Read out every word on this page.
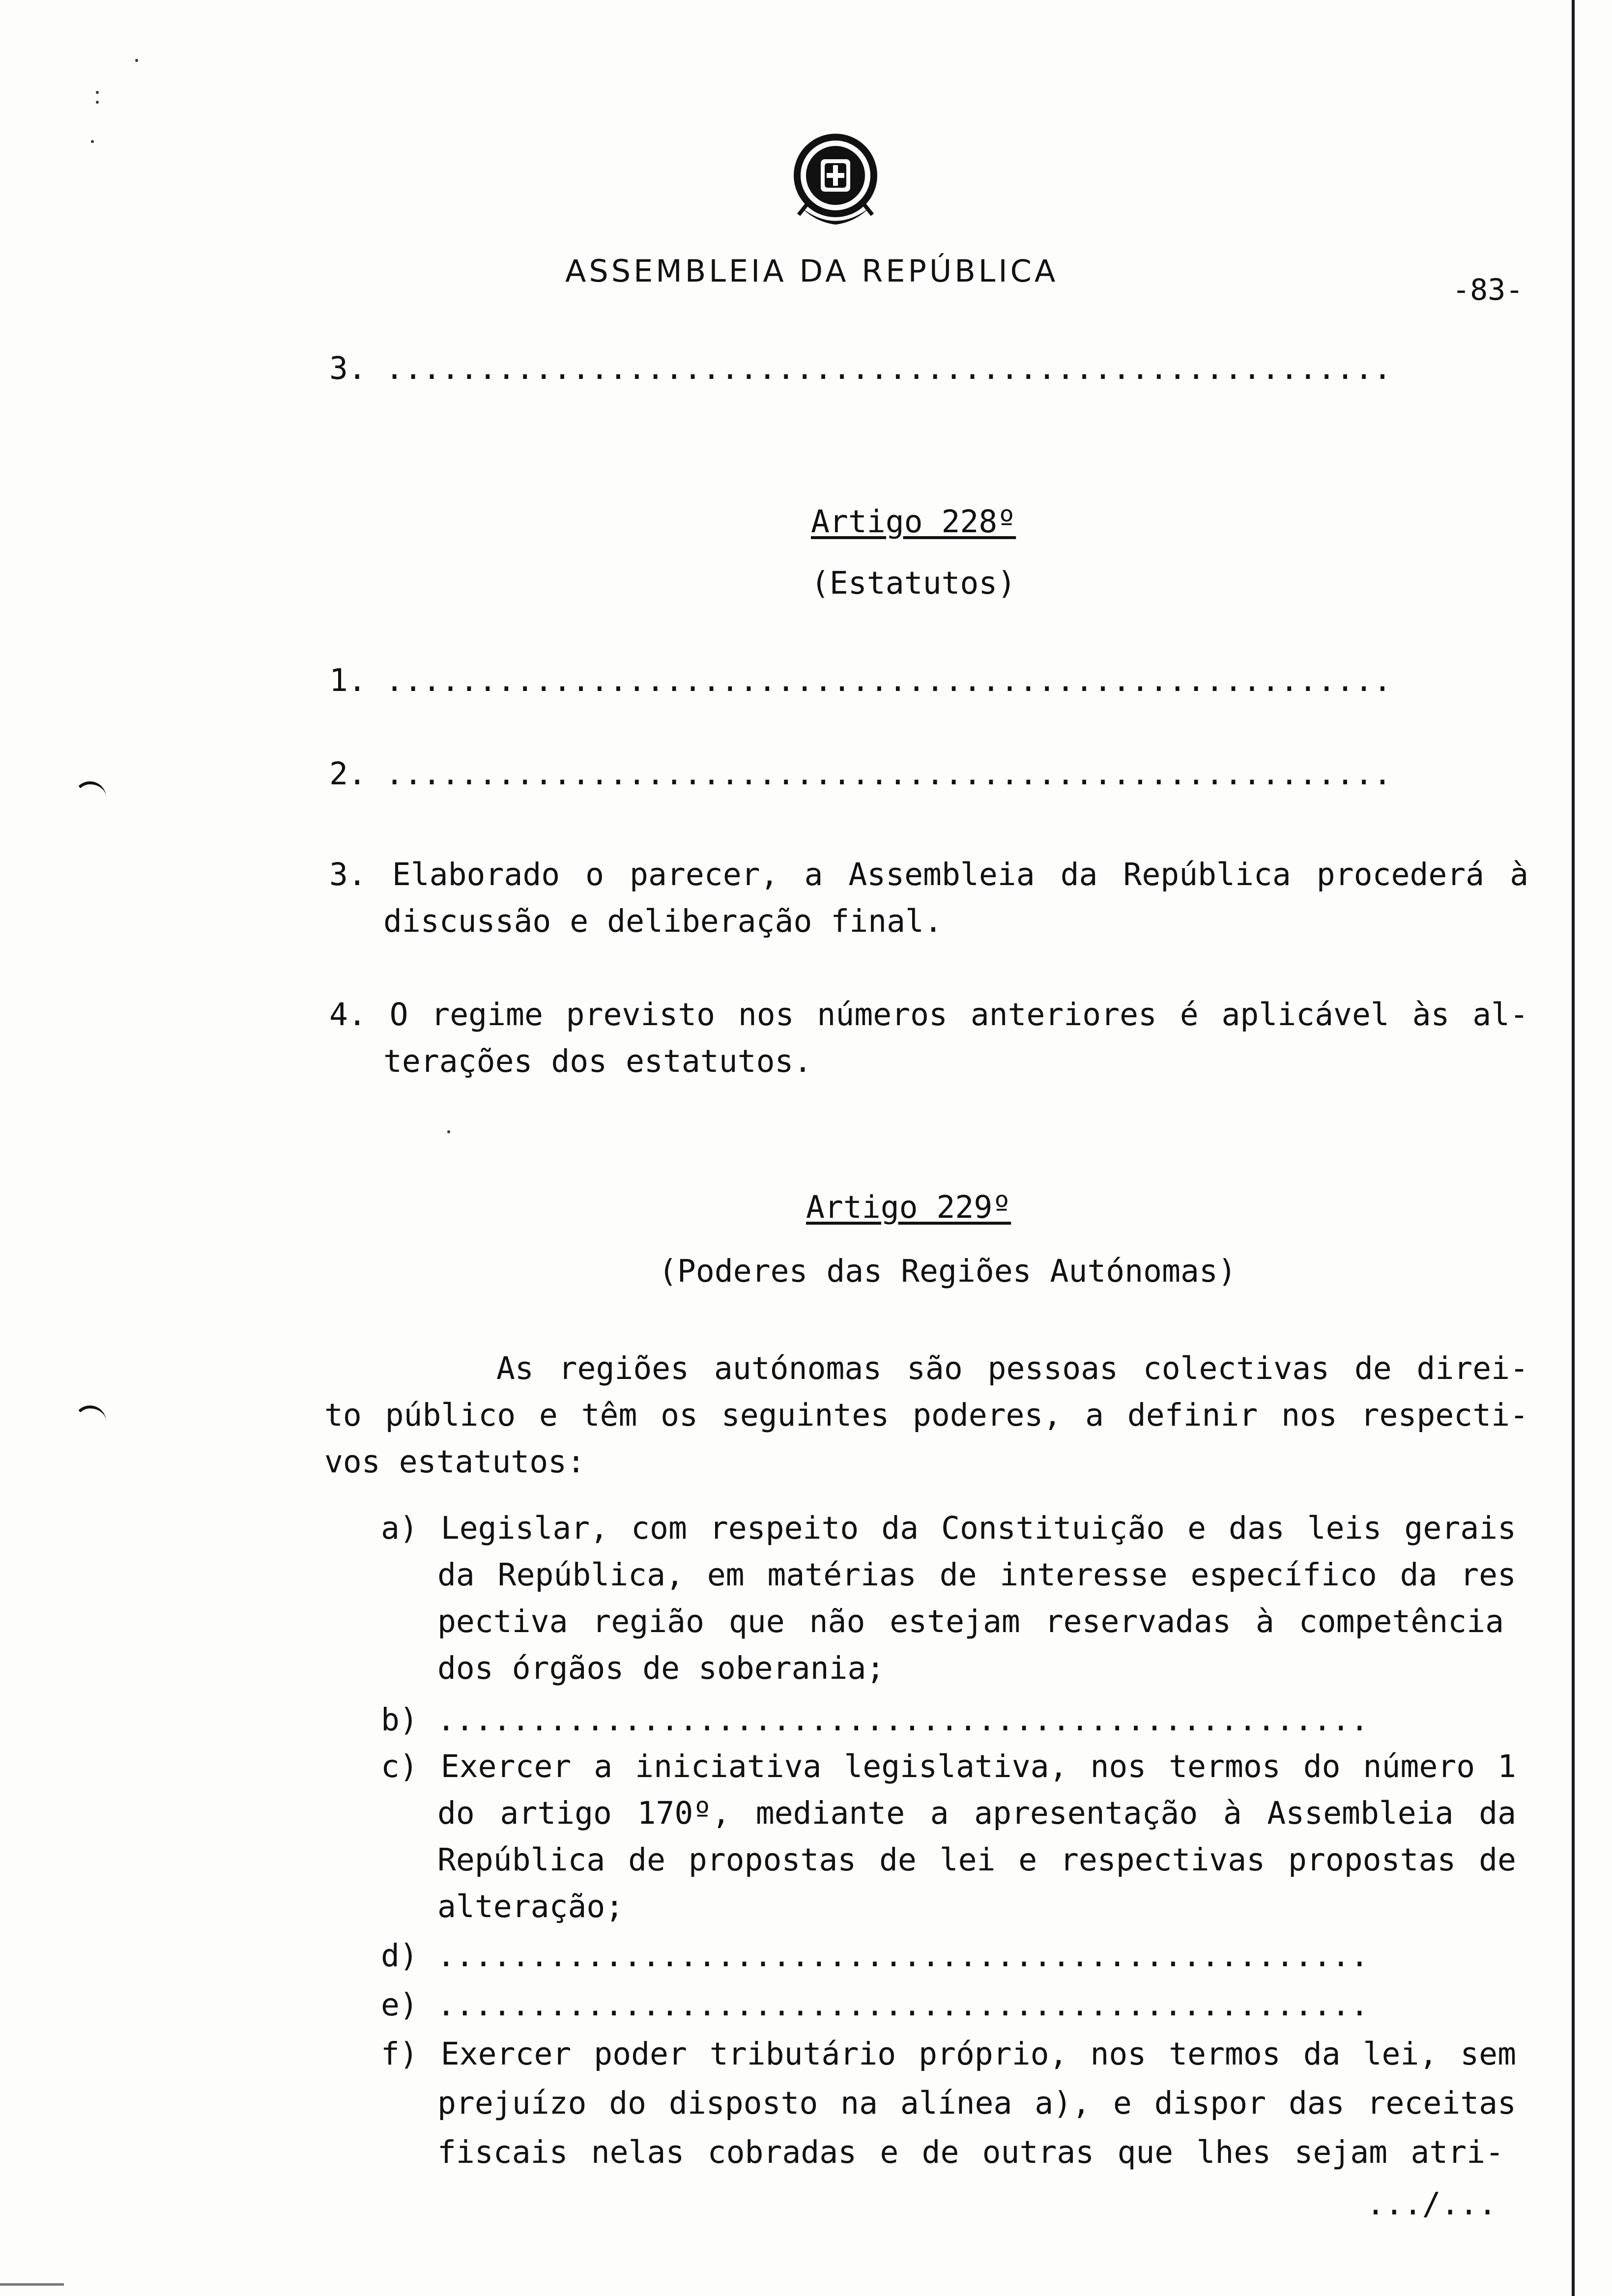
ASSEMBLEIA DA REPÚBLICA
-83-
3. ......................................................
Artigo 228º
(Estatutos)
1. ......................................................
2. ......................................................
3. Elaborado o parecer, a Assembleia da República procederá à
discussão e deliberação final.
4. O regime previsto nos números anteriores é aplicável às al-
terações dos estatutos.
Artigo 229º
(Poderes das Regiões Autónomas)
As regiões autónomas são pessoas colectivas de direi-
to público e têm os seguintes poderes, a definir nos respecti-
vos estatutos:
a) Legislar, com respeito da Constituição e das leis gerais
da República, em matérias de interesse específico da res
pectiva região que não estejam reservadas à competência
dos órgãos de soberania;
b) ..................................................
c) Exercer a iniciativa legislativa, nos termos do número 1
do artigo 170º, mediante a apresentação à Assembleia da
República de propostas de lei e respectivas propostas de
alteração;
d) ..................................................
e) ..................................................
f) Exercer poder tributário próprio, nos termos da lei, sem
prejuízo do disposto na alínea a), e dispor das receitas
fiscais nelas cobradas e de outras que lhes sejam atri-
.../...
